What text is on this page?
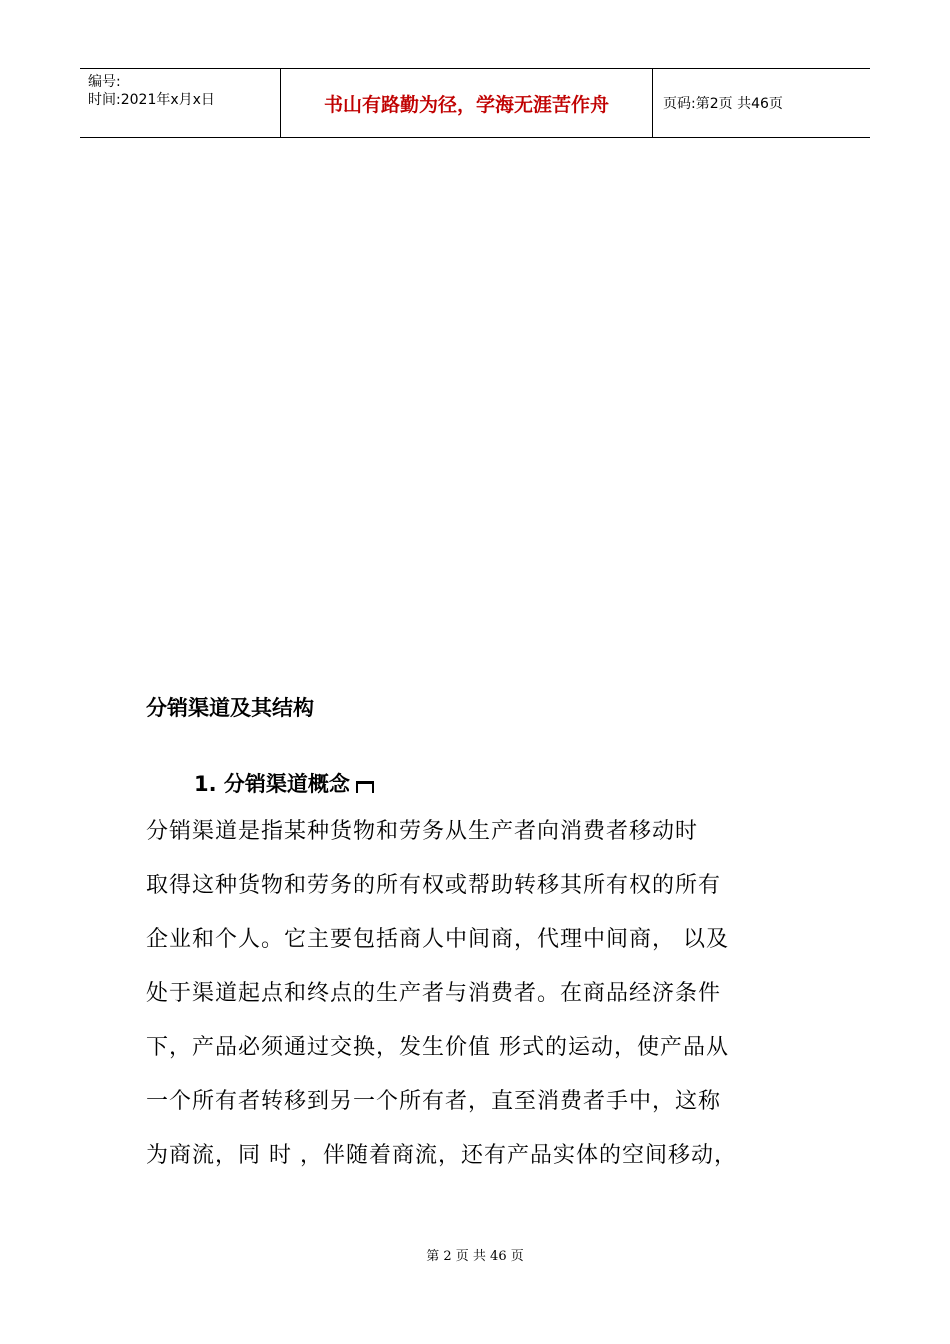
编号:
时间:2021年x月x日	书山有路勤为径，学海无涯苦作舟	页码:第2页 共46页
分销渠道及其结构
1. 分销渠道概念
分销渠道是指某种货物和劳务从生产者向消费者移动时
取得这种货物和劳务的所有权或帮助转移其所有权的所有
企业和个人。它主要包括商人中间商，代理中间商， 以及
处于渠道起点和终点的生产者与消费者。在商品经济条件
下，产品必须通过交换，发生价值 形式的运动，使产品从
一个所有者转移到另一个所有者，直至消费者手中，这称
为商流，同 时 ，伴随着商流，还有产品实体的空间移动，
第 2 页 共 46 页
